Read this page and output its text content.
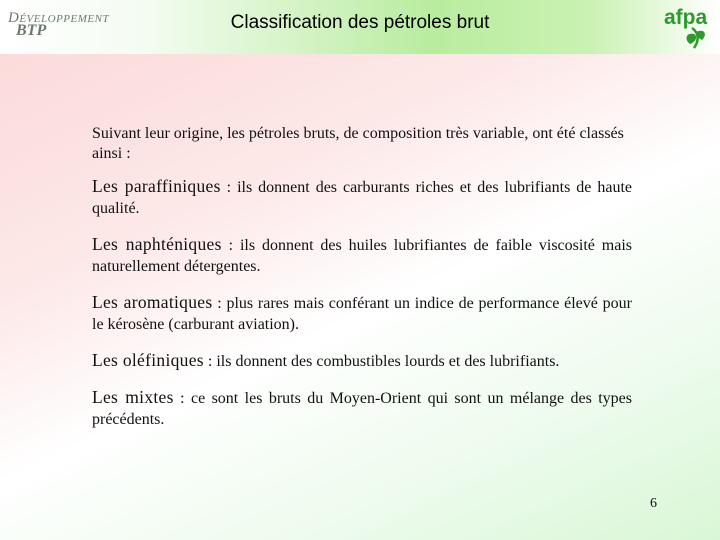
DÉVELOPPEMENT
BTP	Classification des pétroles brut	afpa

Suivant leur origine, les pétroles bruts, de composition très variable, ont été classés ainsi :

Les paraffiniques : ils donnent des carburants riches et des lubrifiants de haute qualité.

Les naphténiques : ils donnent des huiles lubrifiantes de faible viscosité mais naturellement détergentes.

Les aromatiques : plus rares mais conférant un indice de performance élevé pour le kérosène (carburant aviation).

Les oléfiniques : ils donnent des combustibles lourds et des lubrifiants.

Les mixtes : ce sont les bruts du Moyen-Orient qui sont un mélange des types précédents.

6
